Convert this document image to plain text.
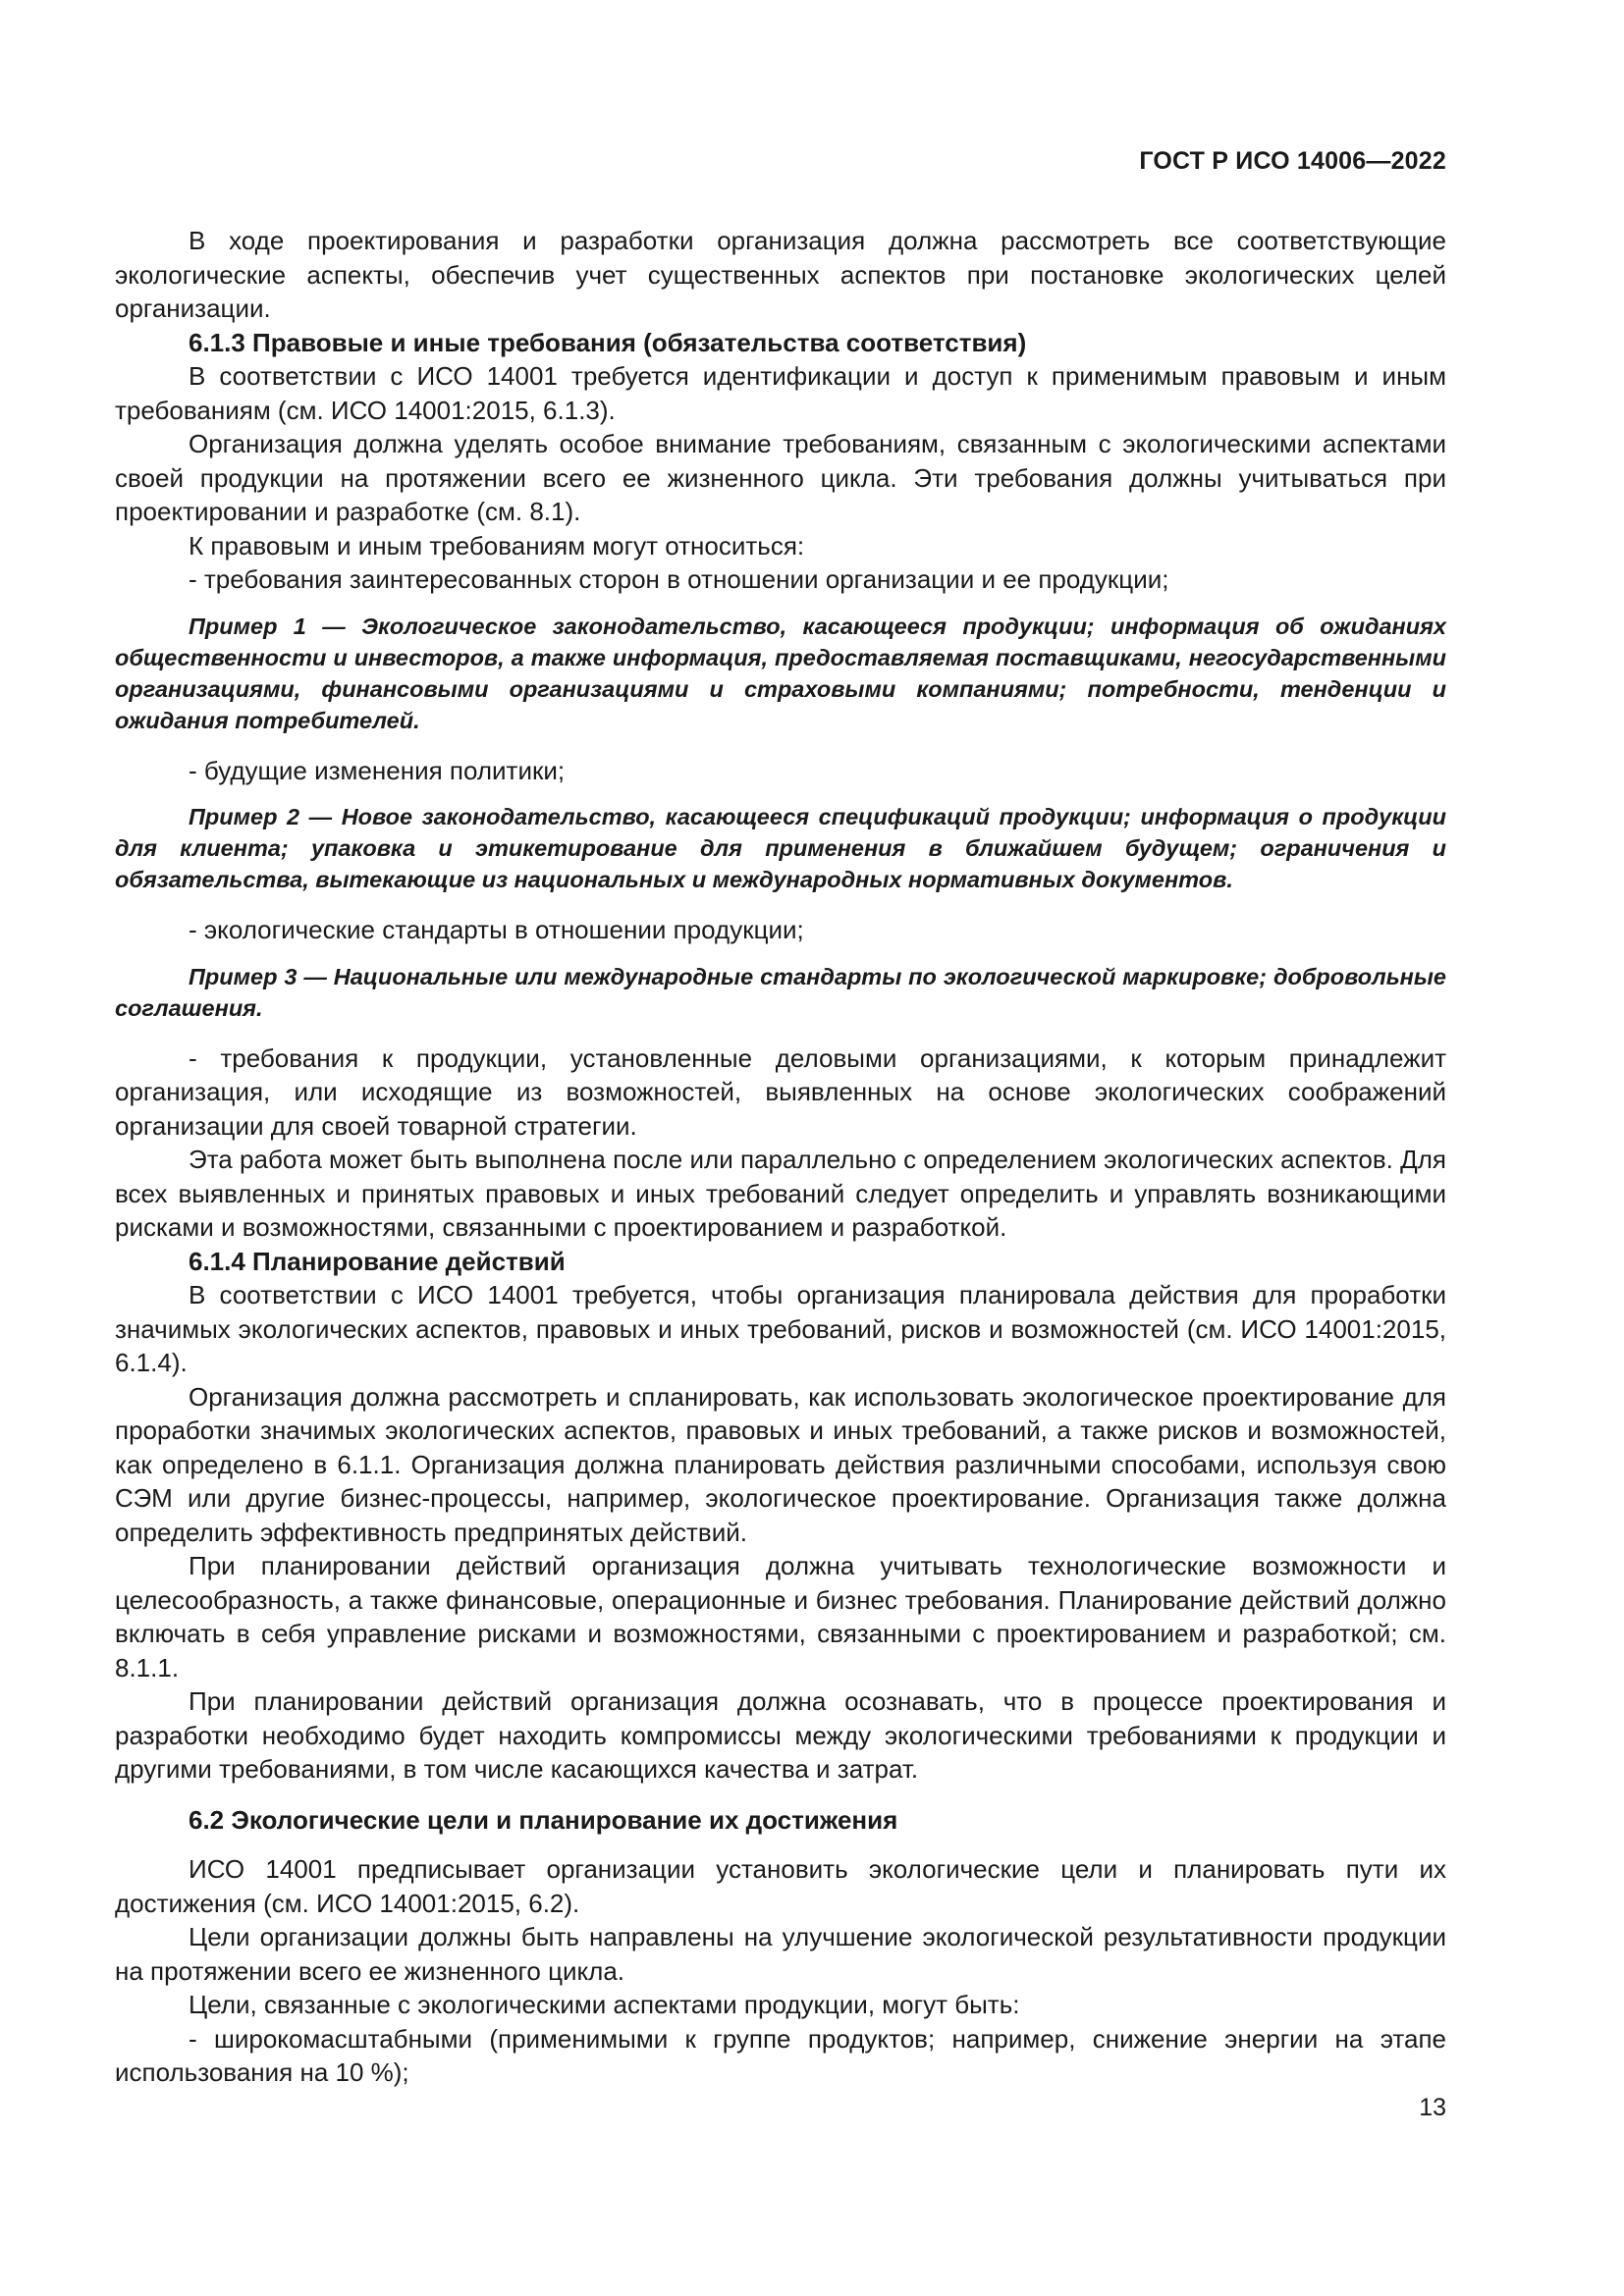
ГОСТ Р ИСО 14006—2022

В ходе проектирования и разработки организация должна рассмотреть все соответствующие экологические аспекты, обеспечив учет существенных аспектов при постановке экологических целей организации.

6.1.3 Правовые и иные требования (обязательства соответствия)

В соответствии с ИСО 14001 требуется идентификации и доступ к применимым правовым и иным требованиям (см. ИСО 14001:2015, 6.1.3).

Организация должна уделять особое внимание требованиям, связанным с экологическими аспектами своей продукции на протяжении всего ее жизненного цикла. Эти требования должны учитываться при проектировании и разработке (см. 8.1).

К правовым и иным требованиям могут относиться:

- требования заинтересованных сторон в отношении организации и ее продукции;

Пример 1 — Экологическое законодательство, касающееся продукции; информация об ожиданиях общественности и инвесторов, а также информация, предоставляемая поставщиками, негосударственными организациями, финансовыми организациями и страховыми компаниями; потребности, тенденции и ожидания потребителей.

- будущие изменения политики;

Пример 2 — Новое законодательство, касающееся спецификаций продукции; информация о продукции для клиента; упаковка и этикетирование для применения в ближайшем будущем; ограничения и обязательства, вытекающие из национальных и международных нормативных документов.

- экологические стандарты в отношении продукции;

Пример 3 — Национальные или международные стандарты по экологической маркировке; добровольные соглашения.

- требования к продукции, установленные деловыми организациями, к которым принадлежит организация, или исходящие из возможностей, выявленных на основе экологических соображений организации для своей товарной стратегии.

Эта работа может быть выполнена после или параллельно с определением экологических аспектов. Для всех выявленных и принятых правовых и иных требований следует определить и управлять возникающими рисками и возможностями, связанными с проектированием и разработкой.

6.1.4 Планирование действий

В соответствии с ИСО 14001 требуется, чтобы организация планировала действия для проработки значимых экологических аспектов, правовых и иных требований, рисков и возможностей (см. ИСО 14001:2015, 6.1.4).

Организация должна рассмотреть и спланировать, как использовать экологическое проектирование для проработки значимых экологических аспектов, правовых и иных требований, а также рисков и возможностей, как определено в 6.1.1. Организация должна планировать действия различными способами, используя свою СЭМ или другие бизнес-процессы, например, экологическое проектирование. Организация также должна определить эффективность предпринятых действий.

При планировании действий организация должна учитывать технологические возможности и целесообразность, а также финансовые, операционные и бизнес требования. Планирование действий должно включать в себя управление рисками и возможностями, связанными с проектированием и разработкой; см. 8.1.1.

При планировании действий организация должна осознавать, что в процессе проектирования и разработки необходимо будет находить компромиссы между экологическими требованиями к продукции и другими требованиями, в том числе касающихся качества и затрат.

6.2 Экологические цели и планирование их достижения

ИСО 14001 предписывает организации установить экологические цели и планировать пути их достижения (см. ИСО 14001:2015, 6.2).

Цели организации должны быть направлены на улучшение экологической результативности продукции на протяжении всего ее жизненного цикла.

Цели, связанные с экологическими аспектами продукции, могут быть:

- широкомасштабными (применимыми к группе продуктов; например, снижение энергии на этапе использования на 10 %);

13
